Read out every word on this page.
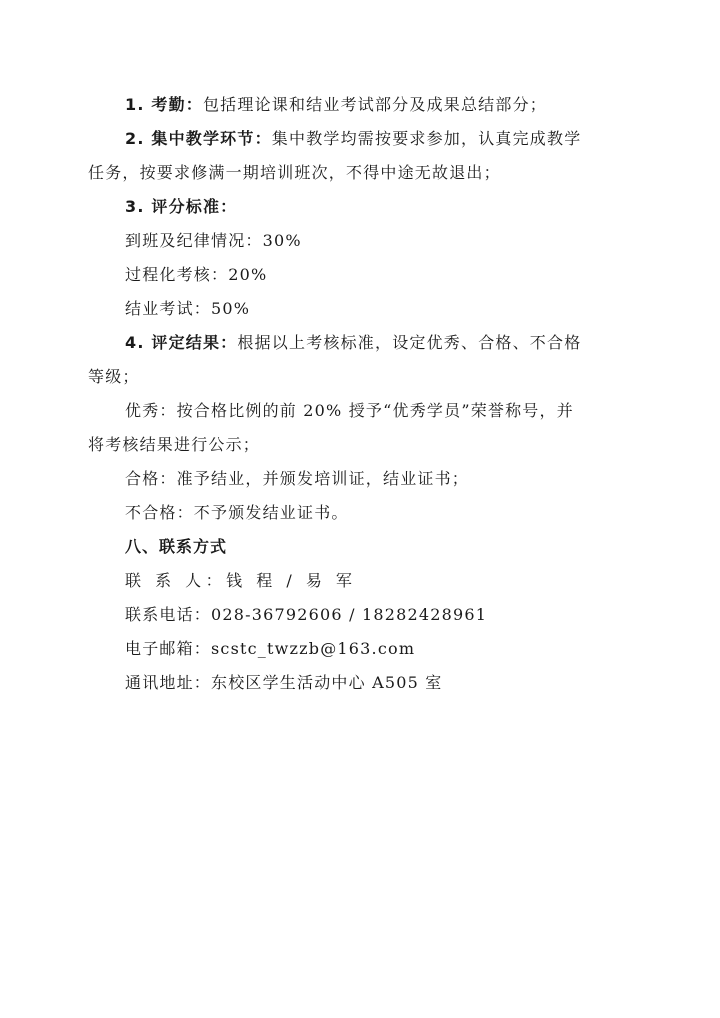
1. 考勤：包括理论课和结业考试部分及成果总结部分；
2. 集中教学环节：集中教学均需按要求参加，认真完成教学
任务，按要求修满一期培训班次，不得中途无故退出；
3. 评分标准：
到班及纪律情况：30%
过程化考核：20%
结业考试：50%
4. 评定结果：根据以上考核标准，设定优秀、合格、不合格
等级；
优秀：按合格比例的前 20% 授予“优秀学员”荣誉称号，并
将考核结果进行公示；
合格：准予结业，并颁发培训证，结业证书；
不合格：不予颁发结业证书。
八、联系方式
联 系 人：钱 程 / 易 军
联系电话：028-36792606 / 18282428961
电子邮箱：scstc_twzzb@163.com
通讯地址：东校区学生活动中心 A505 室
